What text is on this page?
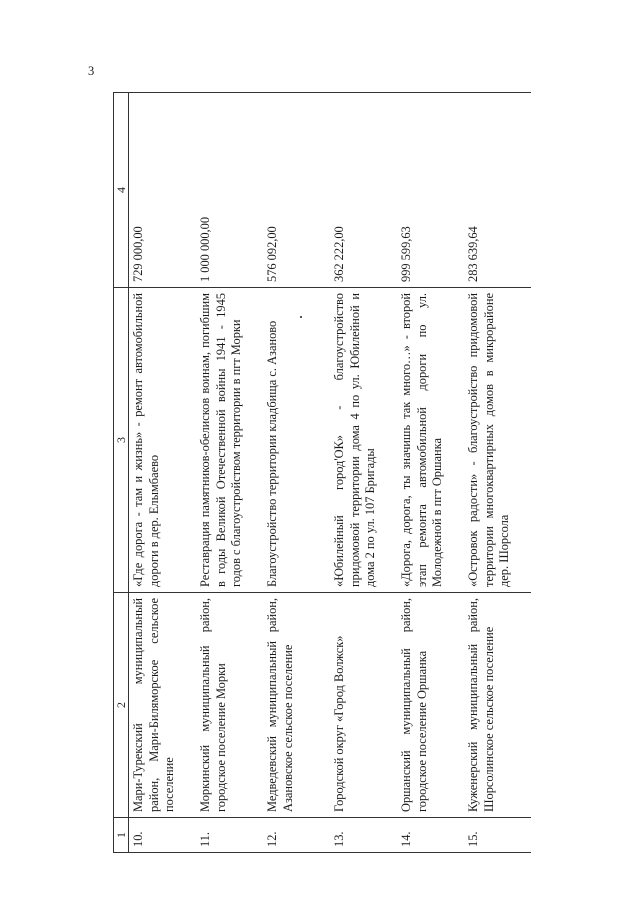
3
1	2	3	4
10.	Мари-Турекский муниципальный район, Мари-Биляморское сельское поселение	«Где дорога - там и жизнь» - ремонт автомобильной дороги в дер. Елымбаево	729 000,00
11.	Моркинский муниципальный район, городское поселение Морки	Реставрация памятников-обелисков воинам, погибшим в годы Великой Отечественной войны 1941 - 1945 годов с благоустройством территории в пгт Морки	1 000 000,00
12.	Медведевский муниципальный район, Азановское сельское поселение	Благоустройство территории кладбища с. Азаново	576 092,00
13.	Городской округ «Город Волжск»	«Юбилейный город'ОК» - благоустройство придомовой территории дома 4 по ул. Юбилейной и дома 2 по ул. 107 Бригады	362 222,00
14.	Оршанский муниципальный район, городское поселение Оршанка	«Дорога, дорога, ты значишь так много…» - второй этап ремонта автомобильной дороги по ул. Молодежной в пгт Оршанка	999 599,63
15.	Куженерский муниципальный район, Шорсолинское сельское поселение	«Островок радости» - благоустройство придомовой территории многоквартирных домов в микрорайоне дер. Шорсола	283 639,64
